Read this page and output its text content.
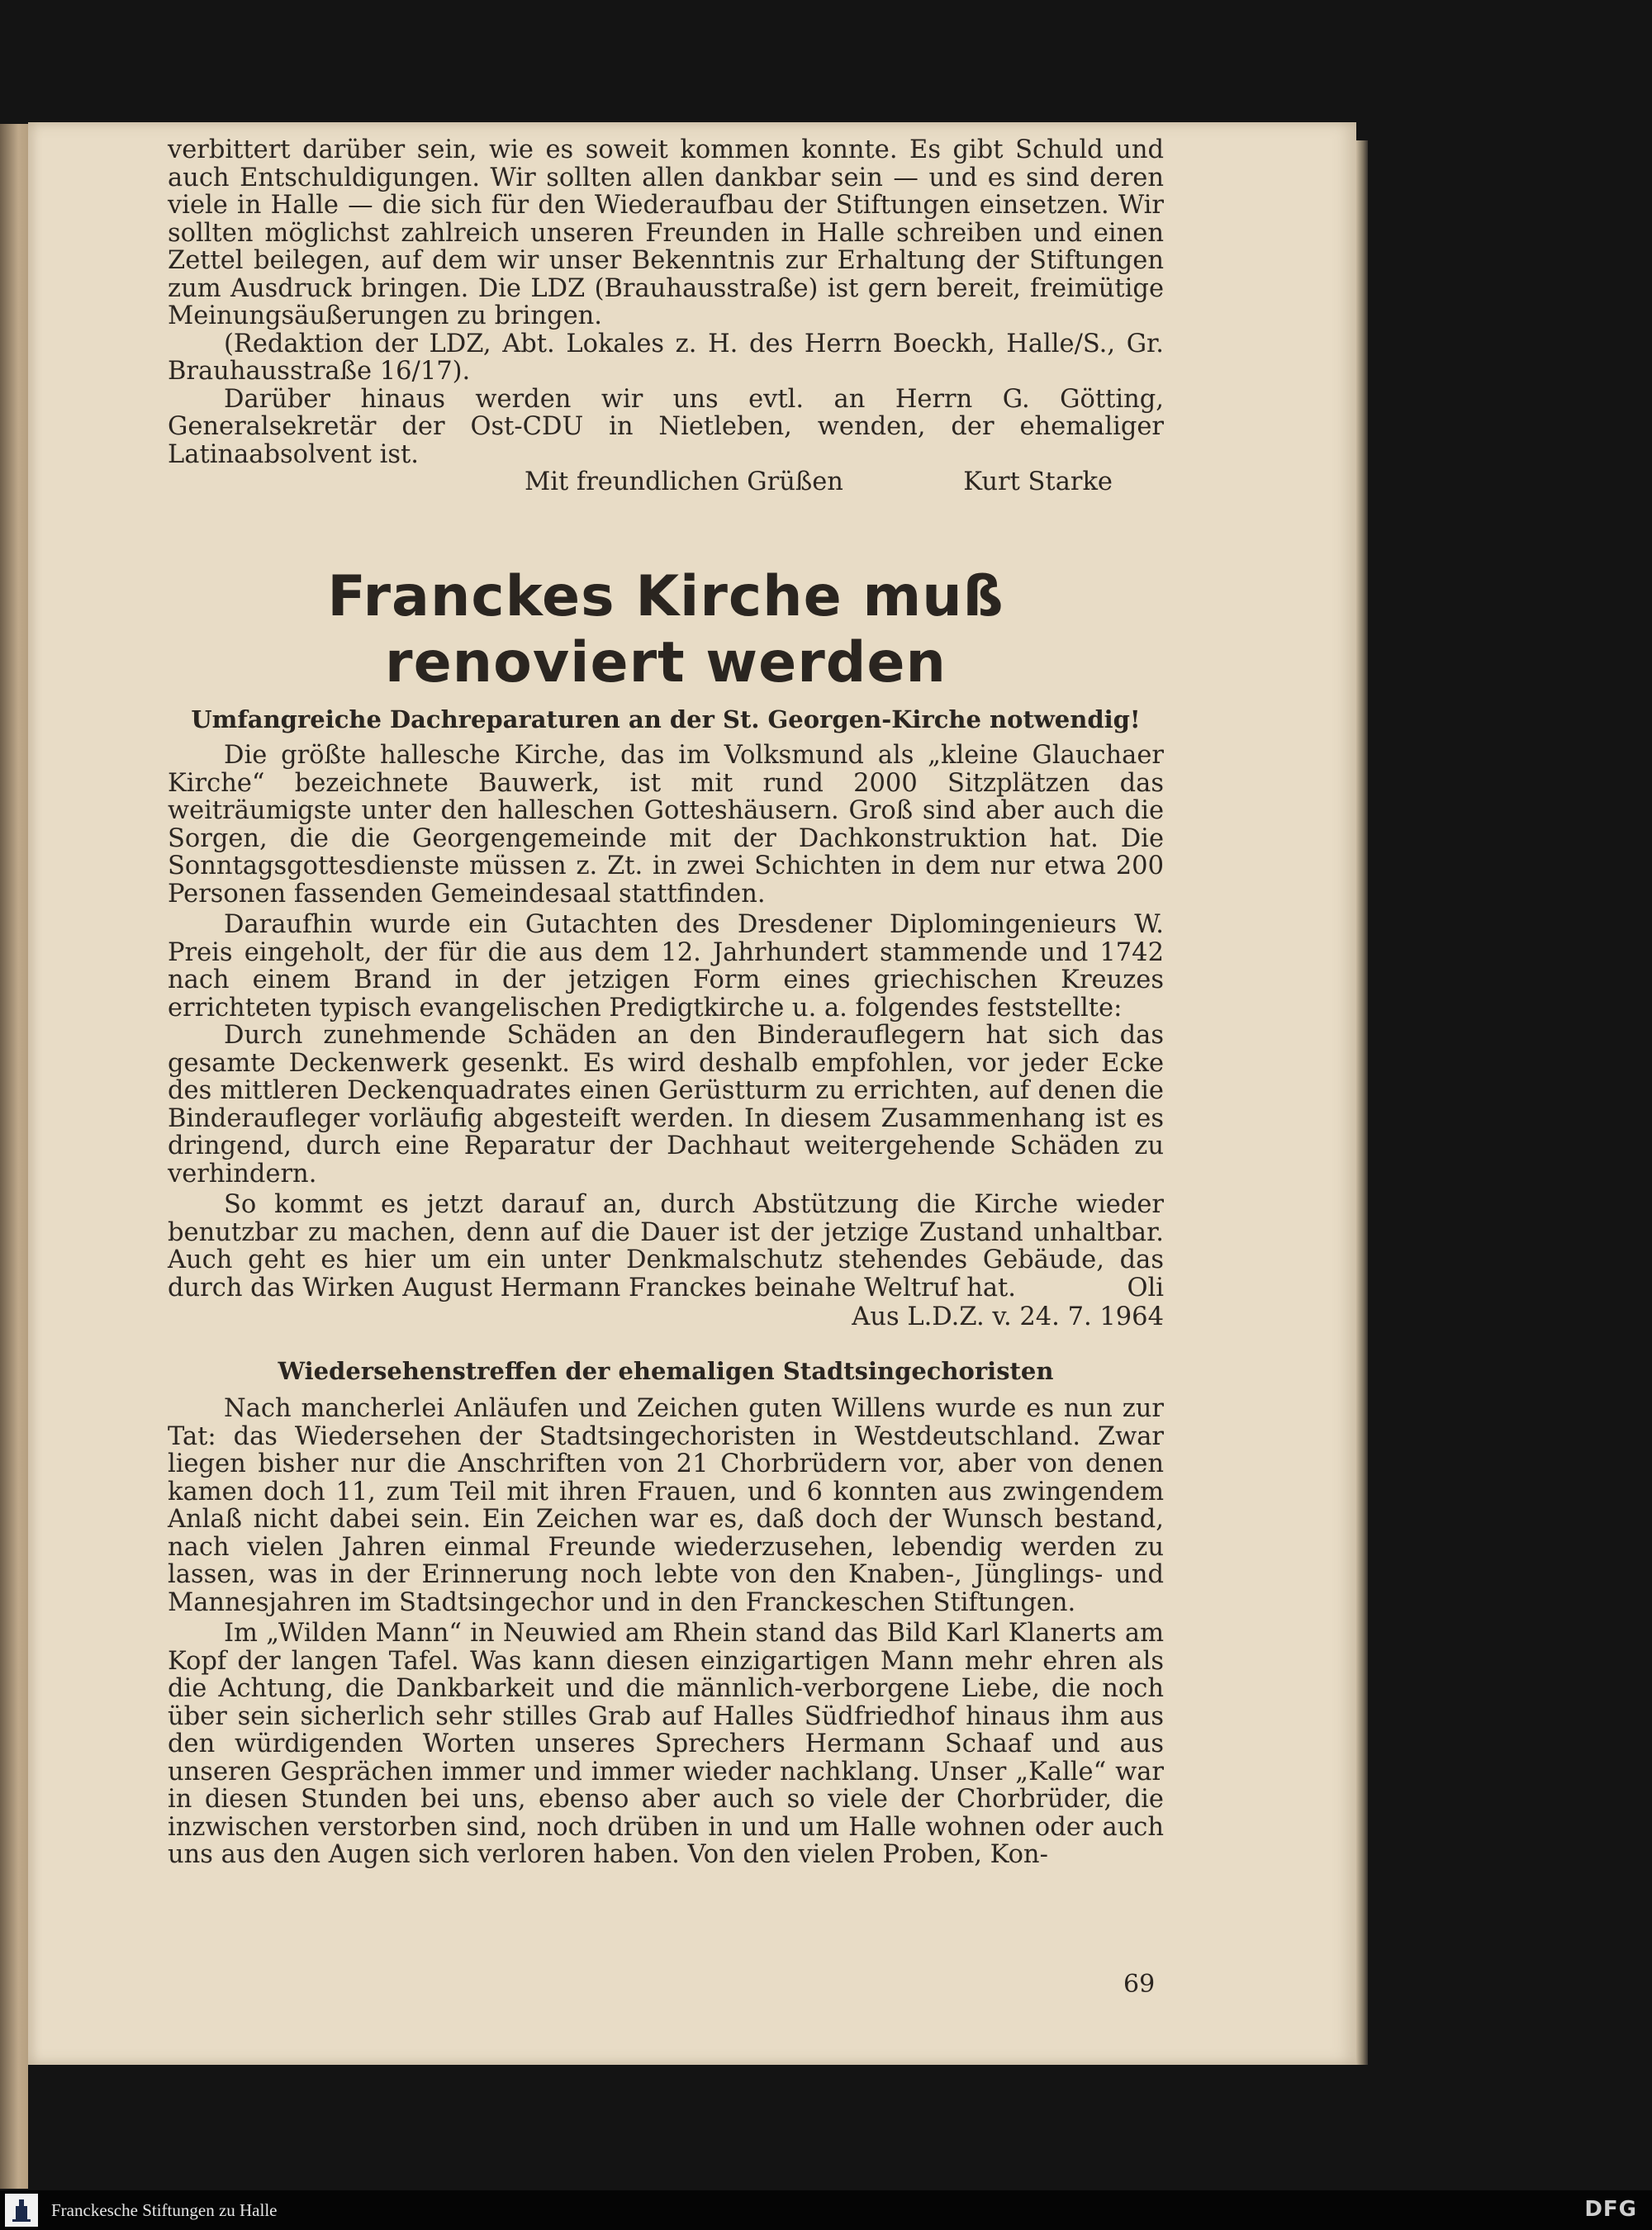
verbittert darüber sein, wie es soweit kommen konnte. Es gibt Schuld und auch Entschuldigungen. Wir sollten allen dankbar sein — und es sind deren viele in Halle — die sich für den Wiederaufbau der Stiftungen einsetzen. Wir sollten möglichst zahlreich unseren Freunden in Halle schreiben und einen Zettel beilegen, auf dem wir unser Bekenntnis zur Erhaltung der Stiftungen zum Ausdruck bringen. Die LDZ (Brauhausstraße) ist gern bereit, freimütige Meinungsäußerungen zu bringen.

(Redaktion der LDZ, Abt. Lokales z. H. des Herrn Boeckh, Halle/S., Gr. Brauhausstraße 16/17).

Darüber hinaus werden wir uns evtl. an Herrn G. Götting, Generalsekretär der Ost-CDU in Nietleben, wenden, der ehemaliger Latinaabsolvent ist.

Mit freundlichen Grüßen	Kurt Starke
Franckes Kirche muß renoviert werden
Umfangreiche Dachreparaturen an der St. Georgen-Kirche notwendig!

Die größte hallesche Kirche, das im Volksmund als „kleine Glauchaer Kirche“ bezeichnete Bauwerk, ist mit rund 2000 Sitzplätzen das weiträumigste unter den halleschen Gotteshäusern. Groß sind aber auch die Sorgen, die die Georgengemeinde mit der Dachkonstruktion hat. Die Sonntagsgottesdienste müssen z. Zt. in zwei Schichten in dem nur etwa 200 Personen fassenden Gemeindesaal stattfinden.

Daraufhin wurde ein Gutachten des Dresdener Diplomingenieurs W. Preis eingeholt, der für die aus dem 12. Jahrhundert stammende und 1742 nach einem Brand in der jetzigen Form eines griechischen Kreuzes errichteten typisch evangelischen Predigtkirche u. a. folgendes feststellte:

Durch zunehmende Schäden an den Binderauflegern hat sich das gesamte Deckenwerk gesenkt. Es wird deshalb empfohlen, vor jeder Ecke des mittleren Deckenquadrates einen Gerüstturm zu errichten, auf denen die Binderaufleger vorläufig abgesteift werden. In diesem Zusammenhang ist es dringend, durch eine Reparatur der Dachhaut weitergehende Schäden zu verhindern.

So kommt es jetzt darauf an, durch Abstützung die Kirche wieder benutzbar zu machen, denn auf die Dauer ist der jetzige Zustand unhaltbar. Auch geht es hier um ein unter Denkmalschutz stehendes Gebäude, das durch das Wirken August Hermann Franckes beinahe Weltruf hat.	Oli

Aus L.D.Z. v. 24. 7. 1964
Wiedersehenstreffen der ehemaligen Stadtsingechoristen

Nach mancherlei Anläufen und Zeichen guten Willens wurde es nun zur Tat: das Wiedersehen der Stadtsingechoristen in Westdeutschland. Zwar liegen bisher nur die Anschriften von 21 Chorbrüdern vor, aber von denen kamen doch 11, zum Teil mit ihren Frauen, und 6 konnten aus zwingendem Anlaß nicht dabei sein. Ein Zeichen war es, daß doch der Wunsch bestand, nach vielen Jahren einmal Freunde wiederzusehen, lebendig werden zu lassen, was in der Erinnerung noch lebte von den Knaben-, Jünglings- und Mannesjahren im Stadtsingechor und in den Franckeschen Stiftungen.

Im „Wilden Mann“ in Neuwied am Rhein stand das Bild Karl Klanerts am Kopf der langen Tafel. Was kann diesen einzigartigen Mann mehr ehren als die Achtung, die Dankbarkeit und die männlich-verborgene Liebe, die noch über sein sicherlich sehr stilles Grab auf Halles Südfriedhof hinaus ihm aus den würdigenden Worten unseres Sprechers Hermann Schaaf und aus unseren Gesprächen immer und immer wieder nachklang. Unser „Kalle“ war in diesen Stunden bei uns, ebenso aber auch so viele der Chorbrüder, die inzwischen verstorben sind, noch drüben in und um Halle wohnen oder auch uns aus den Augen sich verloren haben. Von den vielen Proben, Kon-

69
Franckesche Stiftungen zu Halle	DFG
